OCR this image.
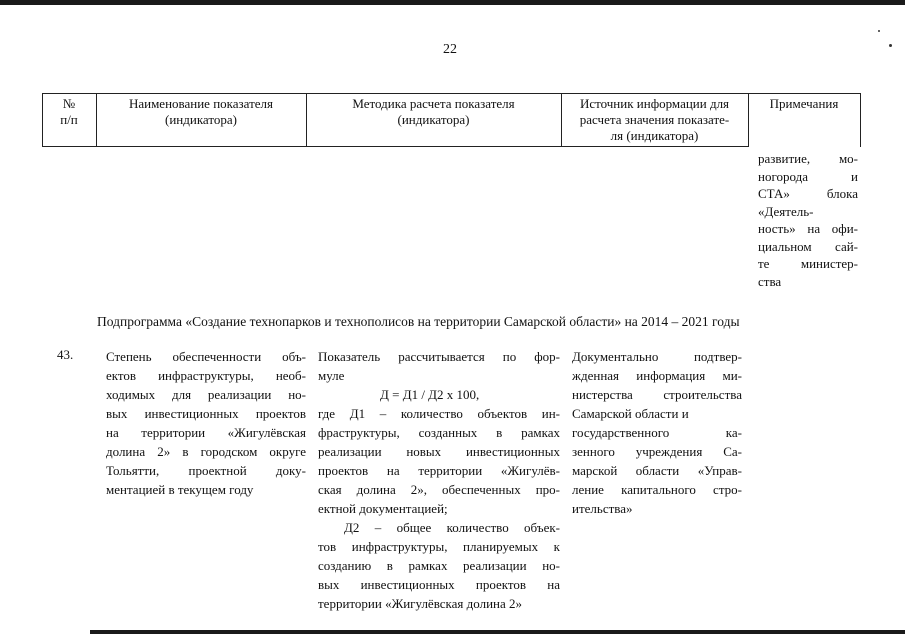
22
№
п/п
Наименование показателя
(индикатора)
Методика расчета показателя
(индикатора)
Источник информации для
расчета значения показате-
ля (индикатора)
Примечания
развитие, мо-
ногорода и
СТА» блока
«Деятель-
ность» на офи-
циальном сай-
те министер-
ства
Подпрограмма «Создание технопарков и технополисов на территории Самарской области» на 2014 – 2021 годы
43.	Степень обеспеченности объ-
ектов инфраструктуры, необ-
ходимых для реализации но-
вых инвестиционных проектов
на территории «Жигулёвская
долина 2» в городском округе
Тольятти, проектной доку-
ментацией в текущем году
Показатель рассчитывается по фор-
муле
Д = Д1 / Д2 х 100,
где Д1 – количество объектов ин-
фраструктуры, созданных в рамках
реализации новых инвестиционных
проектов на территории «Жигулёв-
ская долина 2», обеспеченных про-
ектной документацией;
Д2 – общее количество объек-
тов инфраструктуры, планируемых к
созданию в рамках реализации но-
вых инвестиционных проектов на
территории «Жигулёвская долина 2»
Документально подтвер-
жденная информация ми-
нистерства строительства
Самарской области и
государственного ка-
зенного учреждения Са-
марской области «Управ-
ление капитального стро-
ительства»
